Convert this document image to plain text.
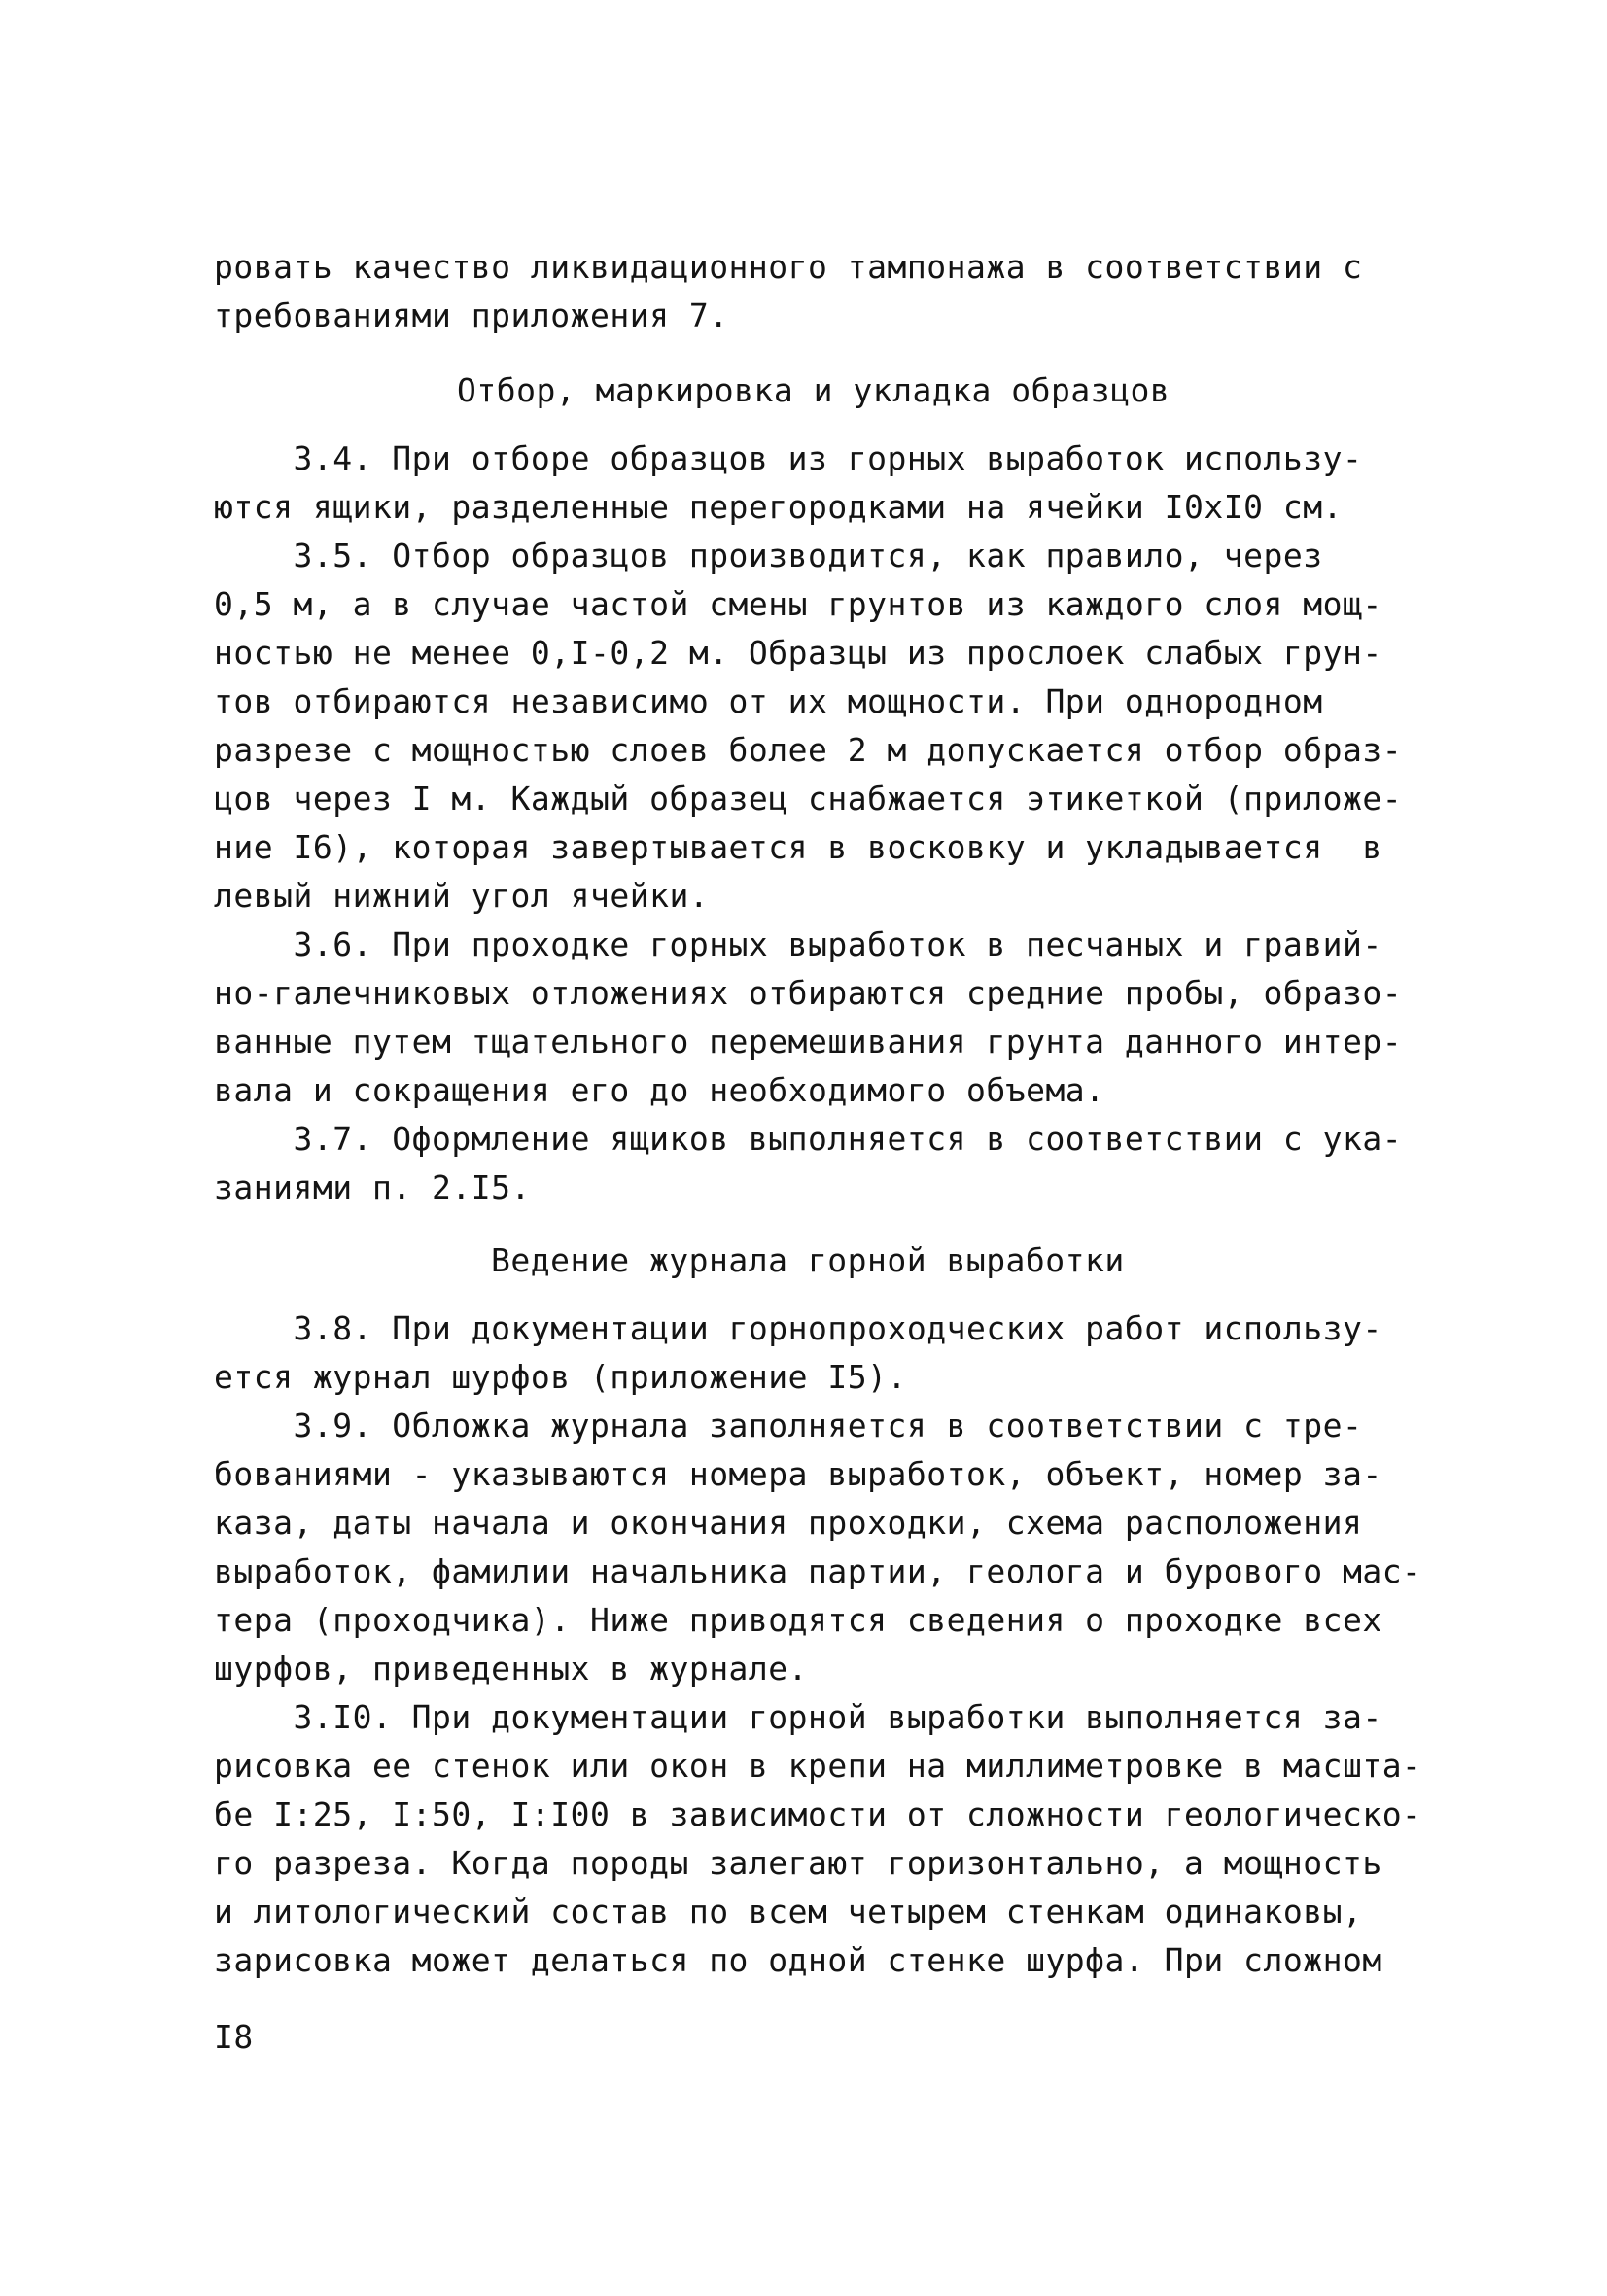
ровать качество ликвидационного тампонажа в соответствии с
требованиями приложения 7.
Отбор, маркировка и укладка образцов
3.4. При отборе образцов из горных выработок использу-
ются ящики, разделенные перегородками на ячейки I0хI0 см.
3.5. Отбор образцов производится, как правило, через
0,5 м, а в случае частой смены грунтов из каждого слоя мощ-
ностью не менее 0,I-0,2 м. Образцы из прослоек слабых грун-
тов отбираются независимо от их мощности. При однородном
разрезе с мощностью слоев более 2 м допускается отбор образ-
цов через I м. Каждый образец снабжается этикеткой (приложе-
ние I6), которая завертывается в восковку и укладывается  в
левый нижний угол ячейки.
3.6. При проходке горных выработок в песчаных и гравий-
но-галечниковых отложениях отбираются средние пробы, образо-
ванные путем тщательного перемешивания грунта данного интер-
вала и сокращения его до необходимого объема.
3.7. Оформление ящиков выполняется в соответствии с ука-
заниями п. 2.I5.
Ведение журнала горной выработки
3.8. При документации горнопроходческих работ использу-
ется журнал шурфов (приложение I5).
3.9. Обложка журнала заполняется в соответствии с тре-
бованиями - указываются номера выработок, объект, номер за-
каза, даты начала и окончания проходки, схема расположения
выработок, фамилии начальника партии, геолога и бурового мас-
тера (проходчика). Ниже приводятся сведения о проходке всех
шурфов, приведенных в журнале.
3.I0. При документации горной выработки выполняется за-
рисовка ее стенок или окон в крепи на миллиметровке в масшта-
бе I:25, I:50, I:I00 в зависимости от сложности геологическо-
го разреза. Когда породы залегают горизонтально, а мощность
и литологический состав по всем четырем стенкам одинаковы,
зарисовка может делаться по одной стенке шурфа. При сложном
I8
